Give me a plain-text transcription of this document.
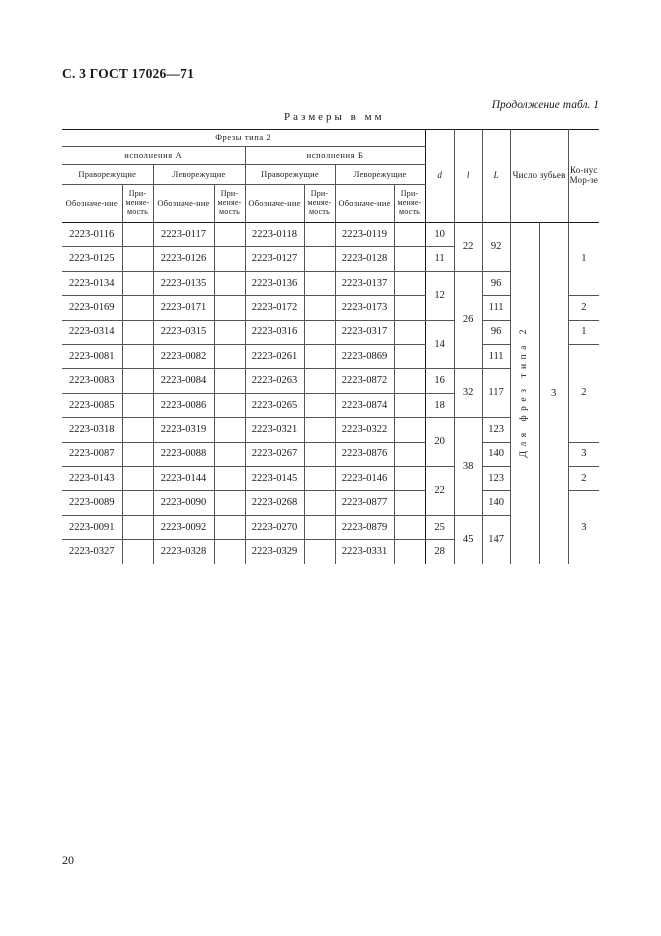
С. 3 ГОСТ 17026—71
Продолжение табл. 1
Размеры в мм
Фрезы типа 2								d	l	L	Число зубьев		Ко-нус Мор-зе
исполнения А				исполнения Б									
Праворежущие		Леворежущие		Праворежущие		Леворежущие							
Обозначе-ние	При-меняе-мость	Обозначе-ние	При-меняе-мость	Обозначе-ние	При-меняе-мость	Обозначе-ние	При-меняе-мость						
2223-0116		2223-0117		2223-0118		2223-0119		10	22	92	Для фрез типа 2	3	1
2223-0125		2223-0126		2223-0127		2223-0128		11					
2223-0134		2223-0135		2223-0136		2223-0137		12	26	96			
2223-0169		2223-0171		2223-0172		2223-0173				111			2
2223-0314		2223-0315		2223-0316		2223-0317		14		96			1
2223-0081		2223-0082		2223-0261		2223-0869				111			2
2223-0083		2223-0084		2223-0263		2223-0872		16	32	117			
2223-0085		2223-0086		2223-0265		2223-0874		18					
2223-0318		2223-0319		2223-0321		2223-0322		20	38	123			
2223-0087		2223-0088		2223-0267		2223-0876				140			3
2223-0143		2223-0144		2223-0145		2223-0146		22		123			2
2223-0089		2223-0090		2223-0268		2223-0877				140			3
2223-0091		2223-0092		2223-0270		2223-0879		25	45	147			
2223-0327		2223-0328		2223-0329		2223-0331		28					
20
